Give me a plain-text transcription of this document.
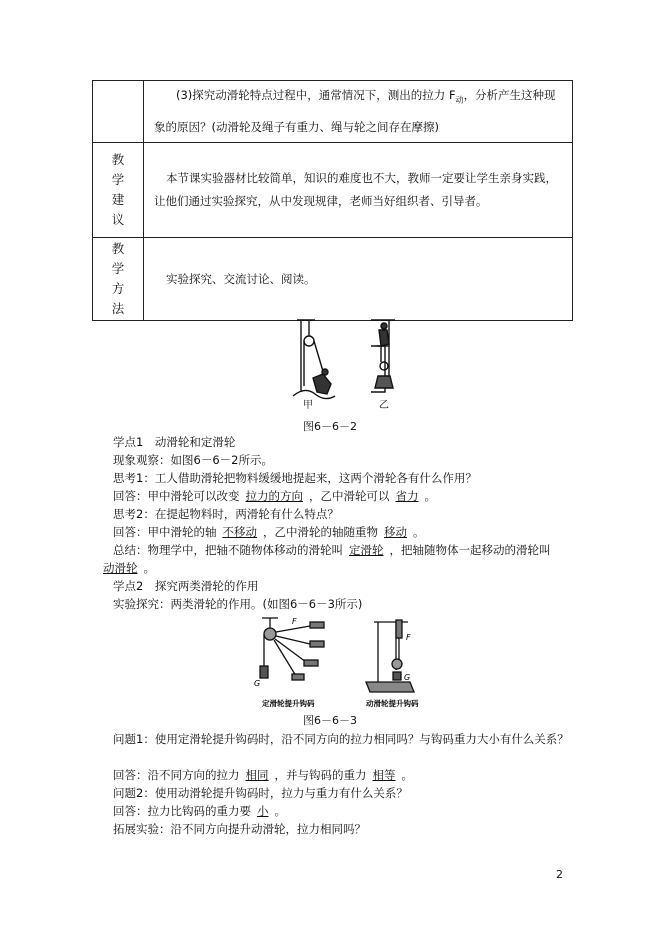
	(3)探究动滑轮特点过程中，通常情况下，测出的拉力 $F_动$，分析产生这种现象的原因？(动滑轮及绳子有重力、绳与轮之间存在摩擦)

教
学
建
议	本节课实验器材比较简单，知识的难度也不大，教师一定要让学生亲身实践，让他们通过实验探究，从中发现规律，老师当好组织者、引导者。

教
学
方
法	实验探究、交流讨论、阅读。
甲	乙
图6－6－2
学点1　动滑轮和定滑轮
现象观察：如图6－6－2所示。
思考1：工人借助滑轮把物料缓缓地提起来，这两个滑轮各有什么作用？
回答：甲中滑轮可以改变 拉力的方向 ，乙中滑轮可以 省力 。
思考2：在提起物料时，两滑轮有什么特点？
回答：甲中滑轮的轴 不移动 ，乙中滑轮的轴随重物 移动 。
总结：物理学中，把轴不随物体移动的滑轮叫 定滑轮 ，把轴随物体一起移动的滑轮叫
动滑轮 。
学点2　探究两类滑轮的作用
实验探究：两类滑轮的作用。(如图6－6－3所示)
F
G
定滑轮提升钩码
F
G
动滑轮提升钩码
图6－6－3
问题1：使用定滑轮提升钩码时，沿不同方向的拉力相同吗？与钩码重力大小有什么关系？
回答：沿不同方向的拉力 相同 ，并与钩码的重力 相等 。
问题2：使用动滑轮提升钩码时，拉力与重力有什么关系？
回答：拉力比钩码的重力要 小 。
拓展实验：沿不同方向提升动滑轮，拉力相同吗？
2
